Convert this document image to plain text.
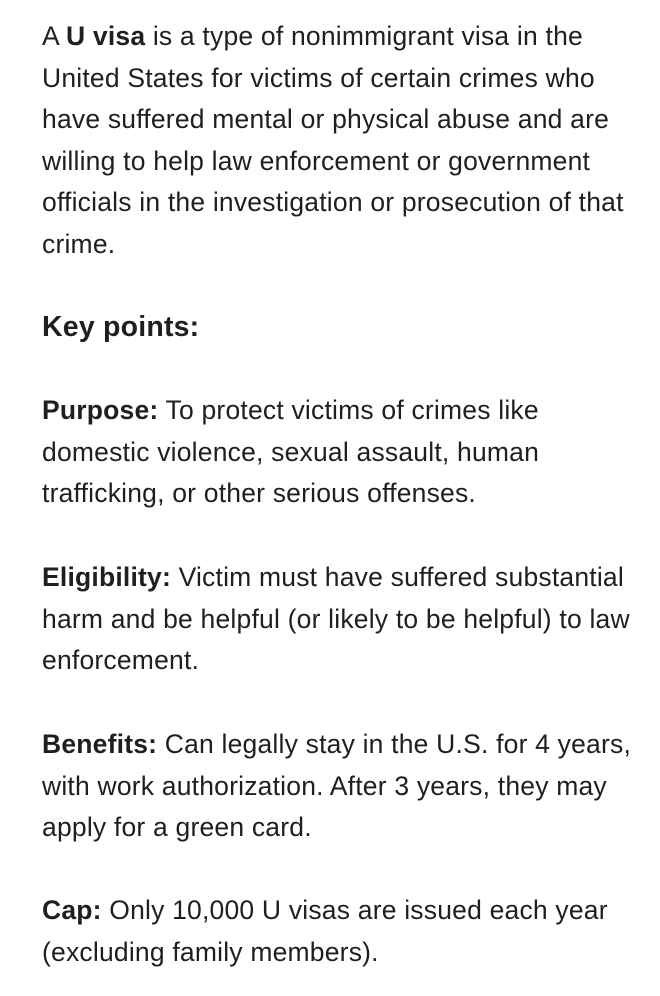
A U visa is a type of nonimmigrant visa in the United States for victims of certain crimes who have suffered mental or physical abuse and are willing to help law enforcement or government officials in the investigation or prosecution of that crime.

Key points:

Purpose: To protect victims of crimes like domestic violence, sexual assault, human trafficking, or other serious offenses.

Eligibility: Victim must have suffered substantial harm and be helpful (or likely to be helpful) to law enforcement.

Benefits: Can legally stay in the U.S. for 4 years, with work authorization. After 3 years, they may apply for a green card.

Cap: Only 10,000 U visas are issued each year (excluding family members).
